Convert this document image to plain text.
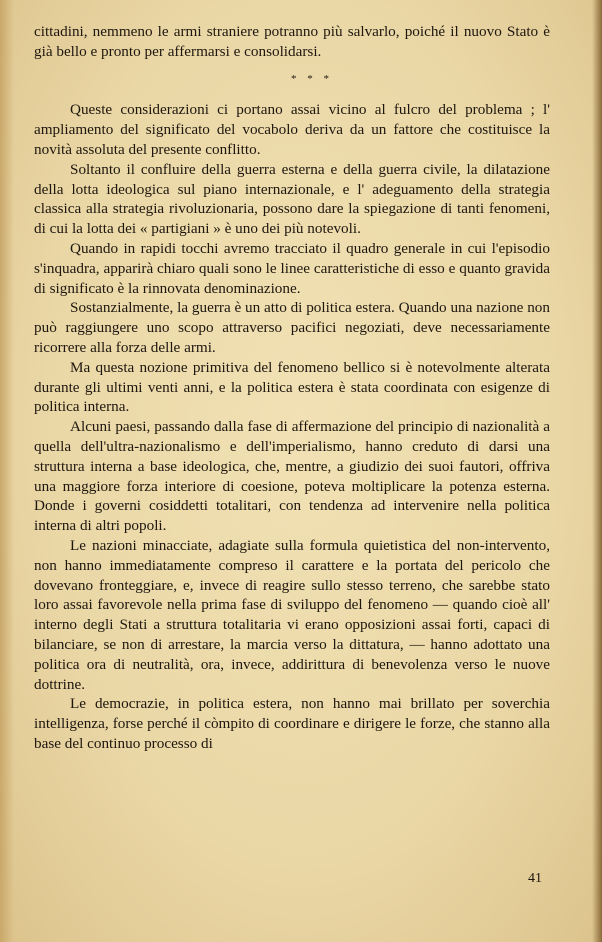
cittadini, nemmeno le armi straniere potranno più salvarlo, poiché il nuovo Stato è già bello e pronto per affermarsi e consolidarsi.

* * *

Queste considerazioni ci portano assai vicino al fulcro del problema ; l' ampliamento del significato del vocabolo deriva da un fattore che costituisce la novità assoluta del presente conflitto.

Soltanto il confluire della guerra esterna e della guerra civile, la dilatazione della lotta ideologica sul piano internazionale, e l' adeguamento della strategia classica alla strategia rivoluzionaria, possono dare la spiegazione di tanti fenomeni, di cui la lotta dei « partigiani » è uno dei più notevoli.

Quando in rapidi tocchi avremo tracciato il quadro generale in cui l'episodio s'inquadra, apparirà chiaro quali sono le linee caratteristiche di esso e quanto gravida di significato è la rinnovata denominazione.

Sostanzialmente, la guerra è un atto di politica estera. Quando una nazione non può raggiungere uno scopo attraverso pacifici negoziati, deve necessariamente ricorrere alla forza delle armi.

Ma questa nozione primitiva del fenomeno bellico si è notevolmente alterata durante gli ultimi venti anni, e la politica estera è stata coordinata con esigenze di politica interna.

Alcuni paesi, passando dalla fase di affermazione del principio di nazionalità a quella dell'ultra-nazionalismo e dell'imperialismo, hanno creduto di darsi una struttura interna a base ideologica, che, mentre, a giudizio dei suoi fautori, offriva una maggiore forza interiore di coesione, poteva moltiplicare la potenza esterna. Donde i governi cosiddetti totalitari, con tendenza ad intervenire nella politica interna di altri popoli.

Le nazioni minacciate, adagiate sulla formula quietistica del non-intervento, non hanno immediatamente compreso il carattere e la portata del pericolo che dovevano fronteggiare, e, invece di reagire sullo stesso terreno, che sarebbe stato loro assai favorevole nella prima fase di sviluppo del fenomeno — quando cioè all' interno degli Stati a struttura totalitaria vi erano opposizioni assai forti, capaci di bilanciare, se non di arrestare, la marcia verso la dittatura, — hanno adottato una politica ora di neutralità, ora, invece, addirittura di benevolenza verso le nuove dottrine.

Le democrazie, in politica estera, non hanno mai brillato per soverchia intelligenza, forse perché il còmpito di coordinare e dirigere le forze, che stanno alla base del continuo processo di

41
